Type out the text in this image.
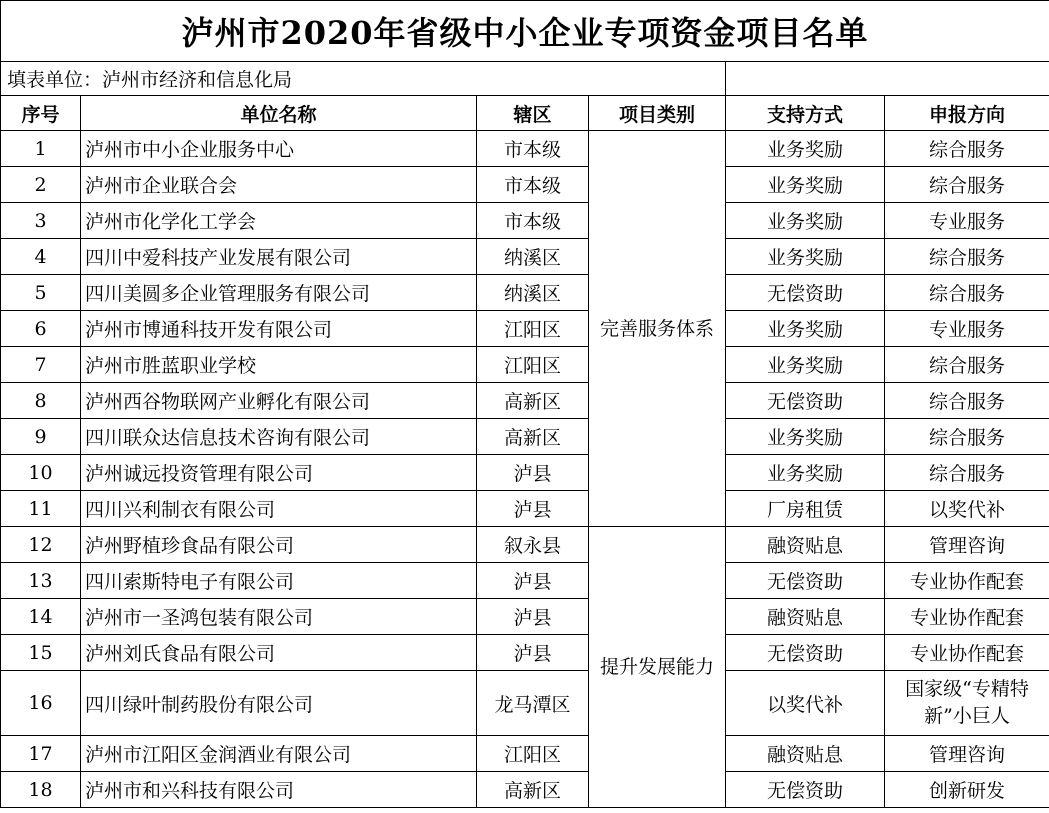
泸州市2020年省级中小企业专项资金项目名单					
填表单位：泸州市经济和信息化局					
序号	单位名称	辖区	项目类别	支持方式	申报方向
1	泸州市中小企业服务中心	市本级	完善服务体系	业务奖励	综合服务
2	泸州市企业联合会	市本级		业务奖励	综合服务
3	泸州市化学化工学会	市本级		业务奖励	专业服务
4	四川中爱科技产业发展有限公司	纳溪区		业务奖励	综合服务
5	四川美圆多企业管理服务有限公司	纳溪区		无偿资助	综合服务
6	泸州市博通科技开发有限公司	江阳区		业务奖励	专业服务
7	泸州市胜蓝职业学校	江阳区		业务奖励	综合服务
8	泸州西谷物联网产业孵化有限公司	高新区		无偿资助	综合服务
9	四川联众达信息技术咨询有限公司	高新区		业务奖励	综合服务
10	泸州诚远投资管理有限公司	泸县		业务奖励	综合服务
11	四川兴利制衣有限公司	泸县		厂房租赁	以奖代补
12	泸州野植珍食品有限公司	叙永县	提升发展能力	融资贴息	管理咨询
13	四川索斯特电子有限公司	泸县		无偿资助	专业协作配套
14	泸州市一圣鸿包装有限公司	泸县		融资贴息	专业协作配套
15	泸州刘氏食品有限公司	泸县		无偿资助	专业协作配套
16	四川绿叶制药股份有限公司	龙马潭区		以奖代补	国家级“专精特新”小巨人
17	泸州市江阳区金润酒业有限公司	江阳区		融资贴息	管理咨询
18	泸州市和兴科技有限公司	高新区		无偿资助	创新研发
